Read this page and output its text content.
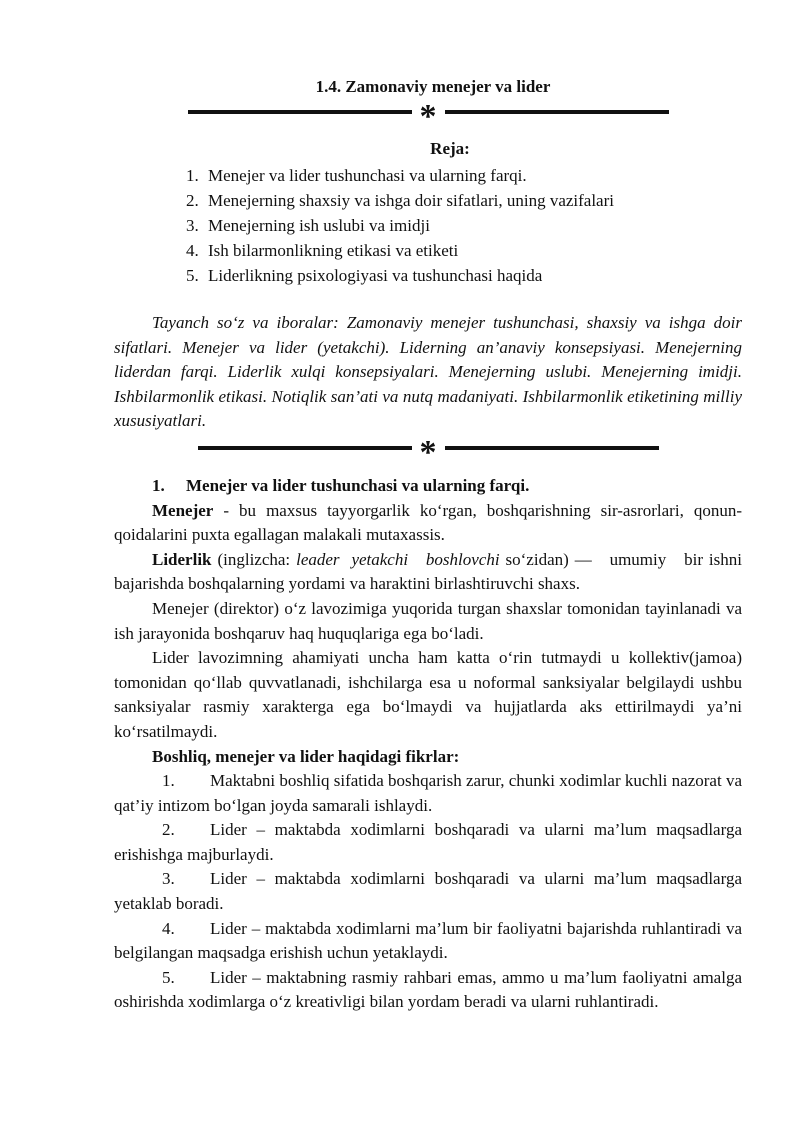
1.4. Zamonaviy menejer va lider
*
Reja:
1. Menejer va lider tushunchasi va ularning farqi.
2. Menejerning shaxsiy va ishga doir sifatlari, uning vazifalari
3. Menejerning ish uslubi va imidji
4. Ish bilarmonlikning etikasi va etiketi
5. Liderlikning psixologiyasi va tushunchasi haqida

Tayanch so‘z va iboralar: Zamonaviy menejer tushunchasi, shaxsiy va ishga doir sifatlari. Menejer va lider (yetakchi). Liderning an’anaviy konsepsiyasi. Menejerning liderdan farqi. Liderlik xulqi konsepsiyalari. Menejerning uslubi. Menejerning imidji. Ishbilarmonlik etikasi. Notiqlik san’ati va nutq madaniyati. Ishbilarmonlik etiketining milliy xususiyatlari.

*
1. Menejer va lider tushunchasi va ularning farqi.

Menejer - bu maxsus tayyorgarlik ko‘rgan, boshqarishning sir-asrorlari, qonun-qoidalarini puxta egallagan malakali mutaxassis.

Liderlik (inglizcha: leader  yetakchi   boshlovchi so‘zidan) —   umumiy   bir ishni bajarishda boshqalarning yordami va haraktini birlashtiruvchi shaxs.

Menejer (direktor) o‘z lavozimiga yuqorida turgan shaxslar tomonidan tayinlanadi va ish jarayonida boshqaruv haq huquqlariga ega bo‘ladi.

Lider lavozimning ahamiyati uncha ham katta o‘rin tutmaydi u kollektiv(jamoa) tomonidan qo‘llab quvvatlanadi, ishchilarga esa u noformal sanksiyalar belgilaydi ushbu sanksiyalar rasmiy xarakterga ega bo‘lmaydi va hujjatlarda aks ettirilmaydi ya’ni ko‘rsatilmaydi.

Boshliq, menejer va lider haqidagi fikrlar:

1. Maktabni boshliq sifatida boshqarish zarur, chunki xodimlar kuchli nazorat va qat’iy intizom bo‘lgan joyda samarali ishlaydi.

2. Lider – maktabda xodimlarni boshqaradi va ularni ma’lum maqsadlarga erishishga majburlaydi.

3. Lider – maktabda xodimlarni boshqaradi va ularni ma’lum maqsadlarga yetaklab boradi.

4. Lider – maktabda xodimlarni ma’lum bir faoliyatni bajarishda ruhlantiradi va belgilangan maqsadga erishish uchun yetaklaydi.

5. Lider – maktabning rasmiy rahbari emas, ammo u ma’lum faoliyatni amalga oshirishda xodimlarga o‘z kreativligi bilan yordam beradi va ularni ruhlantiradi.
